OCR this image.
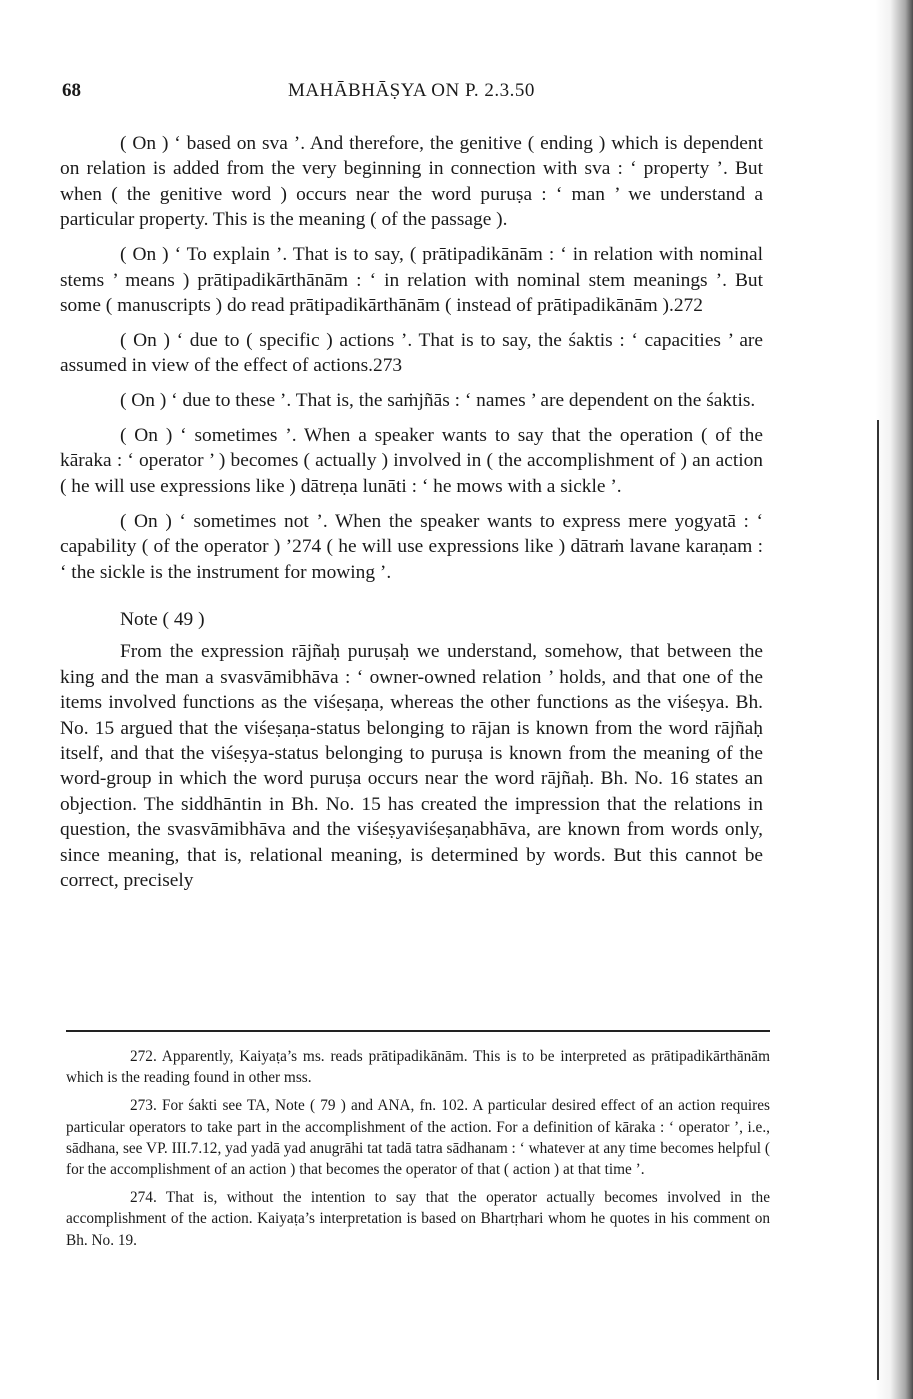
68	MAHĀBHĀṢYA ON P. 2.3.50

( On ) ‘ based on sva ’. And therefore, the genitive ( ending ) which is dependent on relation is added from the very beginning in connection with sva : ‘ property ’. But when ( the genitive word ) occurs near the word puruṣa : ‘ man ’ we understand a particular property. This is the meaning ( of the passage ).

( On ) ‘ To explain ’. That is to say, ( prātipadikānām : ‘ in relation with nominal stems ’ means ) prātipadikārthānām : ‘ in relation with nominal stem meanings ’. But some ( manuscripts ) do read prātipadikārthānām ( instead of prātipadikānām ).272

( On ) ‘ due to ( specific ) actions ’. That is to say, the śaktis : ‘ capacities ’ are assumed in view of the effect of actions.273

( On ) ‘ due to these ’. That is, the saṁjñās : ‘ names ’ are dependent on the śaktis.

( On ) ‘ sometimes ’. When a speaker wants to say that the operation ( of the kāraka : ‘ operator ’ ) becomes ( actually ) involved in ( the accomplishment of ) an action ( he will use expressions like ) dātreṇa lunāti : ‘ he mows with a sickle ’.

( On ) ‘ sometimes not ’. When the speaker wants to express mere yogyatā : ‘ capability ( of the operator ) ’274 ( he will use expressions like ) dātraṁ lavane karaṇam : ‘ the sickle is the instrument for mowing ’.

Note ( 49 )

From the expression rājñaḥ puruṣaḥ we understand, somehow, that between the king and the man a svasvāmibhāva : ‘ owner-owned relation ’ holds, and that one of the items involved functions as the viśeṣaṇa, whereas the other functions as the viśeṣya. Bh. No. 15 argued that the viśeṣaṇa-status belonging to rājan is known from the word rājñaḥ itself, and that the viśeṣya-status belonging to puruṣa is known from the meaning of the word-group in which the word puruṣa occurs near the word rājñaḥ. Bh. No. 16 states an objection. The siddhāntin in Bh. No. 15 has created the impression that the relations in question, the svasvāmibhāva and the viśeṣyaviśeṣaṇabhāva, are known from words only, since meaning, that is, relational meaning, is determined by words. But this cannot be correct, precisely

272. Apparently, Kaiyaṭa’s ms. reads prātipadikānām. This is to be interpreted as prātipadikārthānām which is the reading found in other mss.

273. For śakti see TA, Note ( 79 ) and ANA, fn. 102. A particular desired effect of an action requires particular operators to take part in the accomplishment of the action. For a definition of kāraka : ‘ operator ’, i.e., sādhana, see VP. III.7.12, yad yadā yad anugrāhi tat tadā tatra sādhanam : ‘ whatever at any time becomes helpful ( for the accomplishment of an action ) that becomes the operator of that ( action ) at that time ’.

274. That is, without the intention to say that the operator actually becomes involved in the accomplishment of the action. Kaiyaṭa’s interpretation is based on Bhartṛhari whom he quotes in his comment on Bh. No. 19.
